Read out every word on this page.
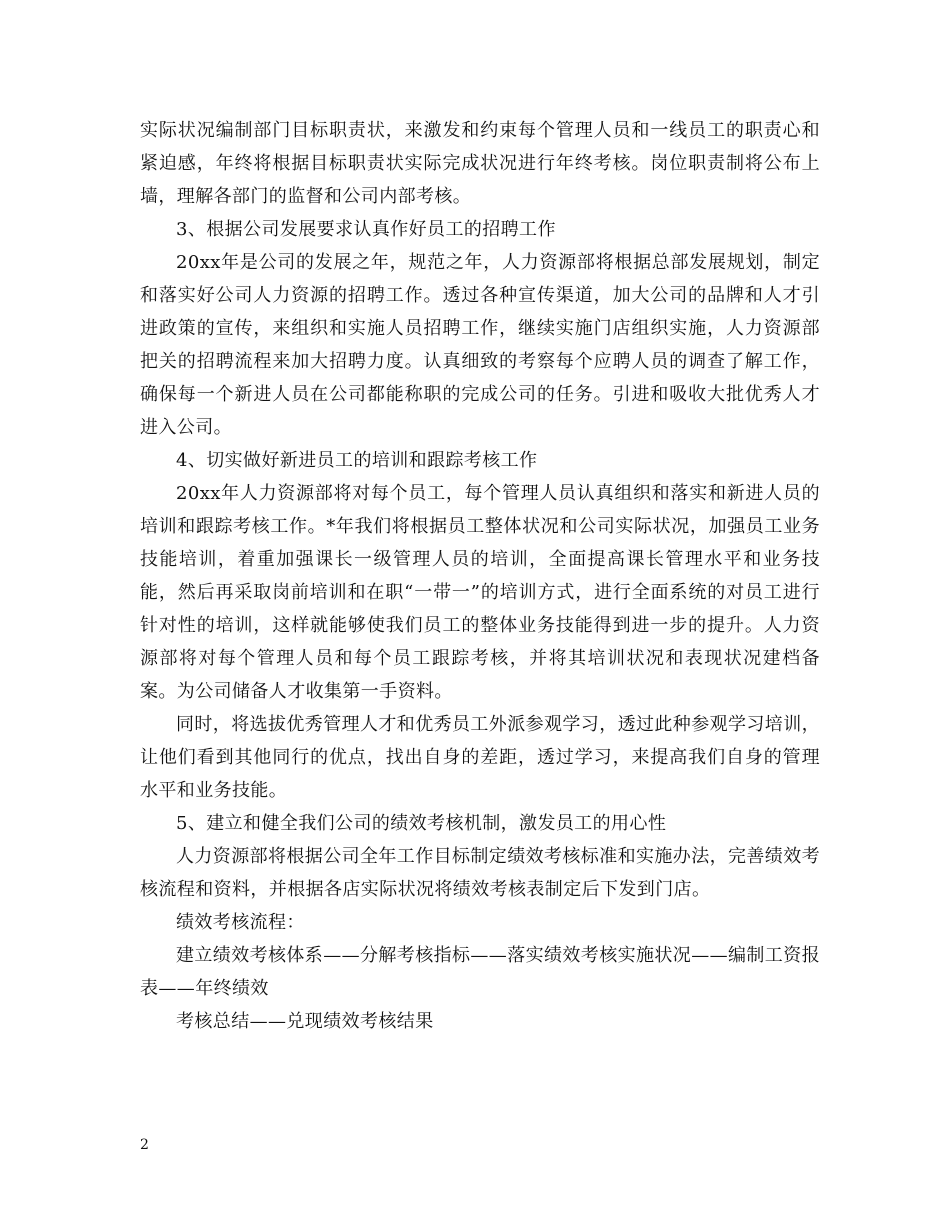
实际状况编制部门目标职责状，来激发和约束每个管理人员和一线员工的职责心和紧迫感，年终将根据目标职责状实际完成状况进行年终考核。岗位职责制将公布上墙，理解各部门的监督和公司内部考核。

3、根据公司发展要求认真作好员工的招聘工作

20xx年是公司的发展之年，规范之年，人力资源部将根据总部发展规划，制定和落实好公司人力资源的招聘工作。透过各种宣传渠道，加大公司的品牌和人才引进政策的宣传，来组织和实施人员招聘工作，继续实施门店组织实施，人力资源部把关的招聘流程来加大招聘力度。认真细致的考察每个应聘人员的调查了解工作，确保每一个新进人员在公司都能称职的完成公司的任务。引进和吸收大批优秀人才进入公司。

4、切实做好新进员工的培训和跟踪考核工作

20xx年人力资源部将对每个员工，每个管理人员认真组织和落实和新进人员的培训和跟踪考核工作。*年我们将根据员工整体状况和公司实际状况，加强员工业务技能培训，着重加强课长一级管理人员的培训，全面提高课长管理水平和业务技能，然后再采取岗前培训和在职“一带一”的培训方式，进行全面系统的对员工进行针对性的培训，这样就能够使我们员工的整体业务技能得到进一步的提升。人力资源部将对每个管理人员和每个员工跟踪考核，并将其培训状况和表现状况建档备案。为公司储备人才收集第一手资料。

同时，将选拔优秀管理人才和优秀员工外派参观学习，透过此种参观学习培训，让他们看到其他同行的优点，找出自身的差距，透过学习，来提高我们自身的管理水平和业务技能。

5、建立和健全我们公司的绩效考核机制，激发员工的用心性

人力资源部将根据公司全年工作目标制定绩效考核标准和实施办法，完善绩效考核流程和资料，并根据各店实际状况将绩效考核表制定后下发到门店。

绩效考核流程：

建立绩效考核体系——分解考核指标——落实绩效考核实施状况——编制工资报表——年终绩效

考核总结——兑现绩效考核结果

2
